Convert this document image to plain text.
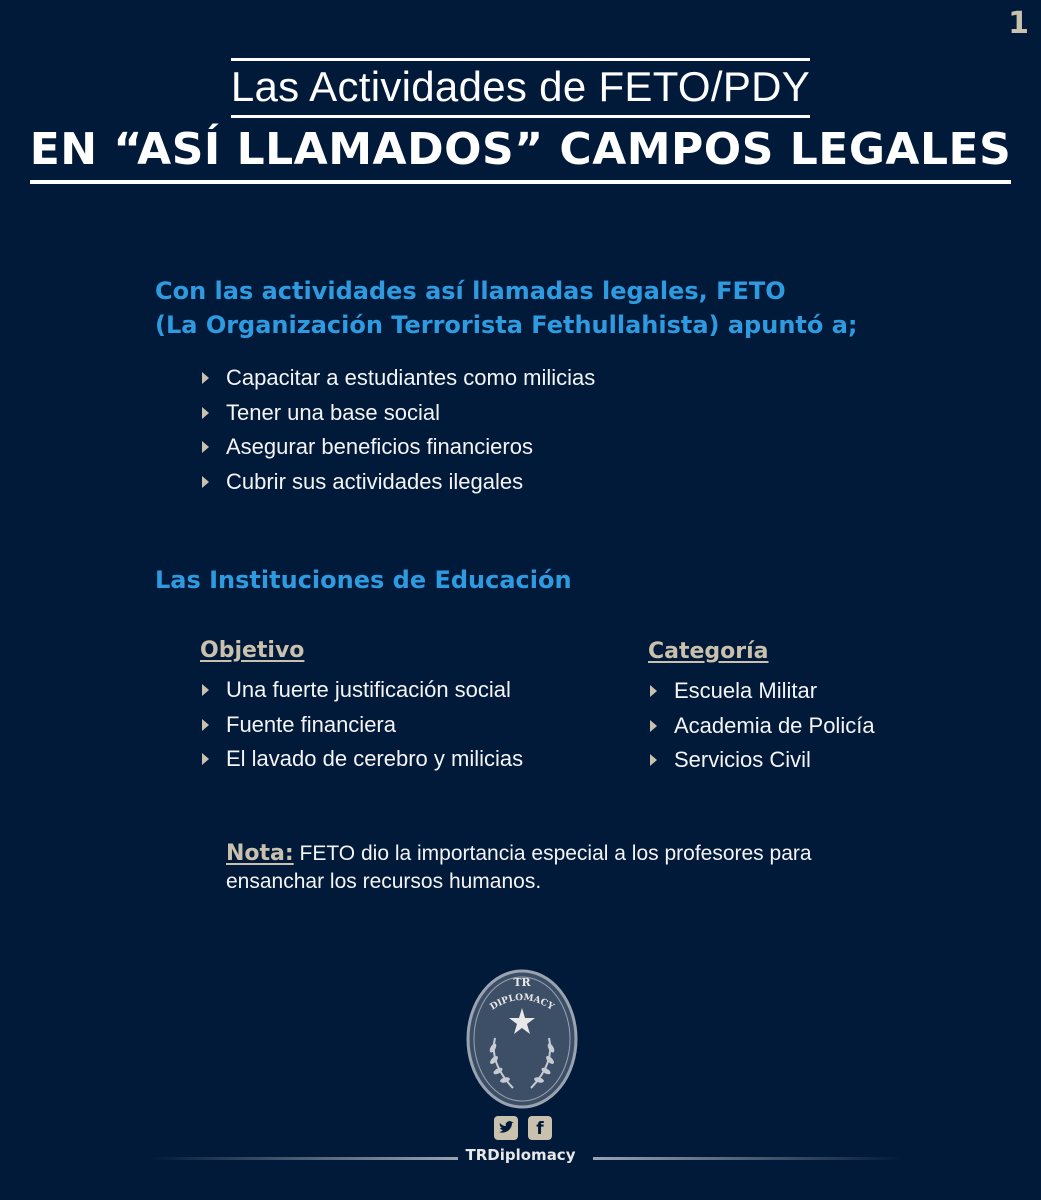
1
Las Actividades de FETO/PDY
EN “ASÍ LLAMADOS” CAMPOS LEGALES
Con las actividades así llamadas legales, FETO
(La Organización Terrorista Fethullahista) apuntó a;
Capacitar a estudiantes como milicias
Tener una base social
Asegurar beneficios financieros
Cubrir sus actividades ilegales
Las Instituciones de Educación
Objetivo
Una fuerte justificación social
Fuente financiera
El lavado de cerebro y milicias
Categoría
Escuela Militar
Academia de Policía
Servicios Civil
Nota: FETO dio la importancia especial a los profesores para ensanchar los recursos humanos.
TR
DIPLOMACY
f
TRDiplomacy
